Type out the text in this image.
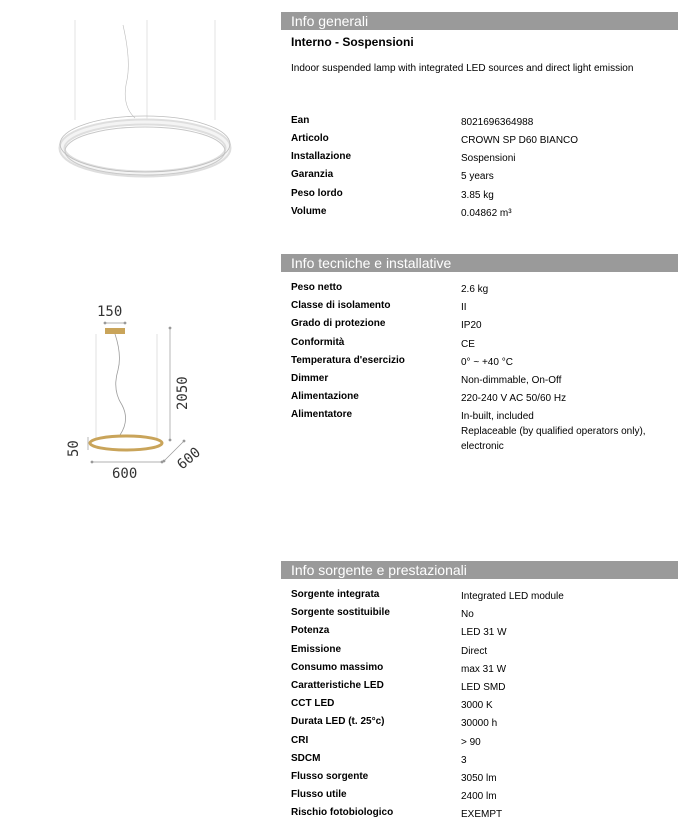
150
2050
50
600
600
Info generali
Interno - Sospensioni
Indoor suspended lamp with integrated LED sources and direct light emission
Ean	8021696364988
Articolo	CROWN SP D60 BIANCO
Installazione	Sospensioni
Garanzia	5 years
Peso lordo	3.85 kg
Volume	0.04862 m³
Info tecniche e installative
Peso netto	2.6 kg
Classe di isolamento	II
Grado di protezione	IP20
Conformità	CE
Temperatura d'esercizio	0° ~ +40 °C
Dimmer	Non-dimmable, On-Off
Alimentazione	220-240 V AC 50/60 Hz
Alimentatore	In-built, included
Replaceable (by qualified operators only),
electronic
Info sorgente e prestazionali
Sorgente integrata	Integrated LED module
Sorgente sostituibile	No
Potenza	LED 31 W
Emissione	Direct
Consumo massimo	max 31 W
Caratteristiche LED	LED SMD
CCT LED	3000 K
Durata LED (t. 25°c)	30000 h
CRI	> 90
SDCM	3
Flusso sorgente	3050 lm
Flusso utile	2400 lm
Rischio fotobiologico	EXEMPT
